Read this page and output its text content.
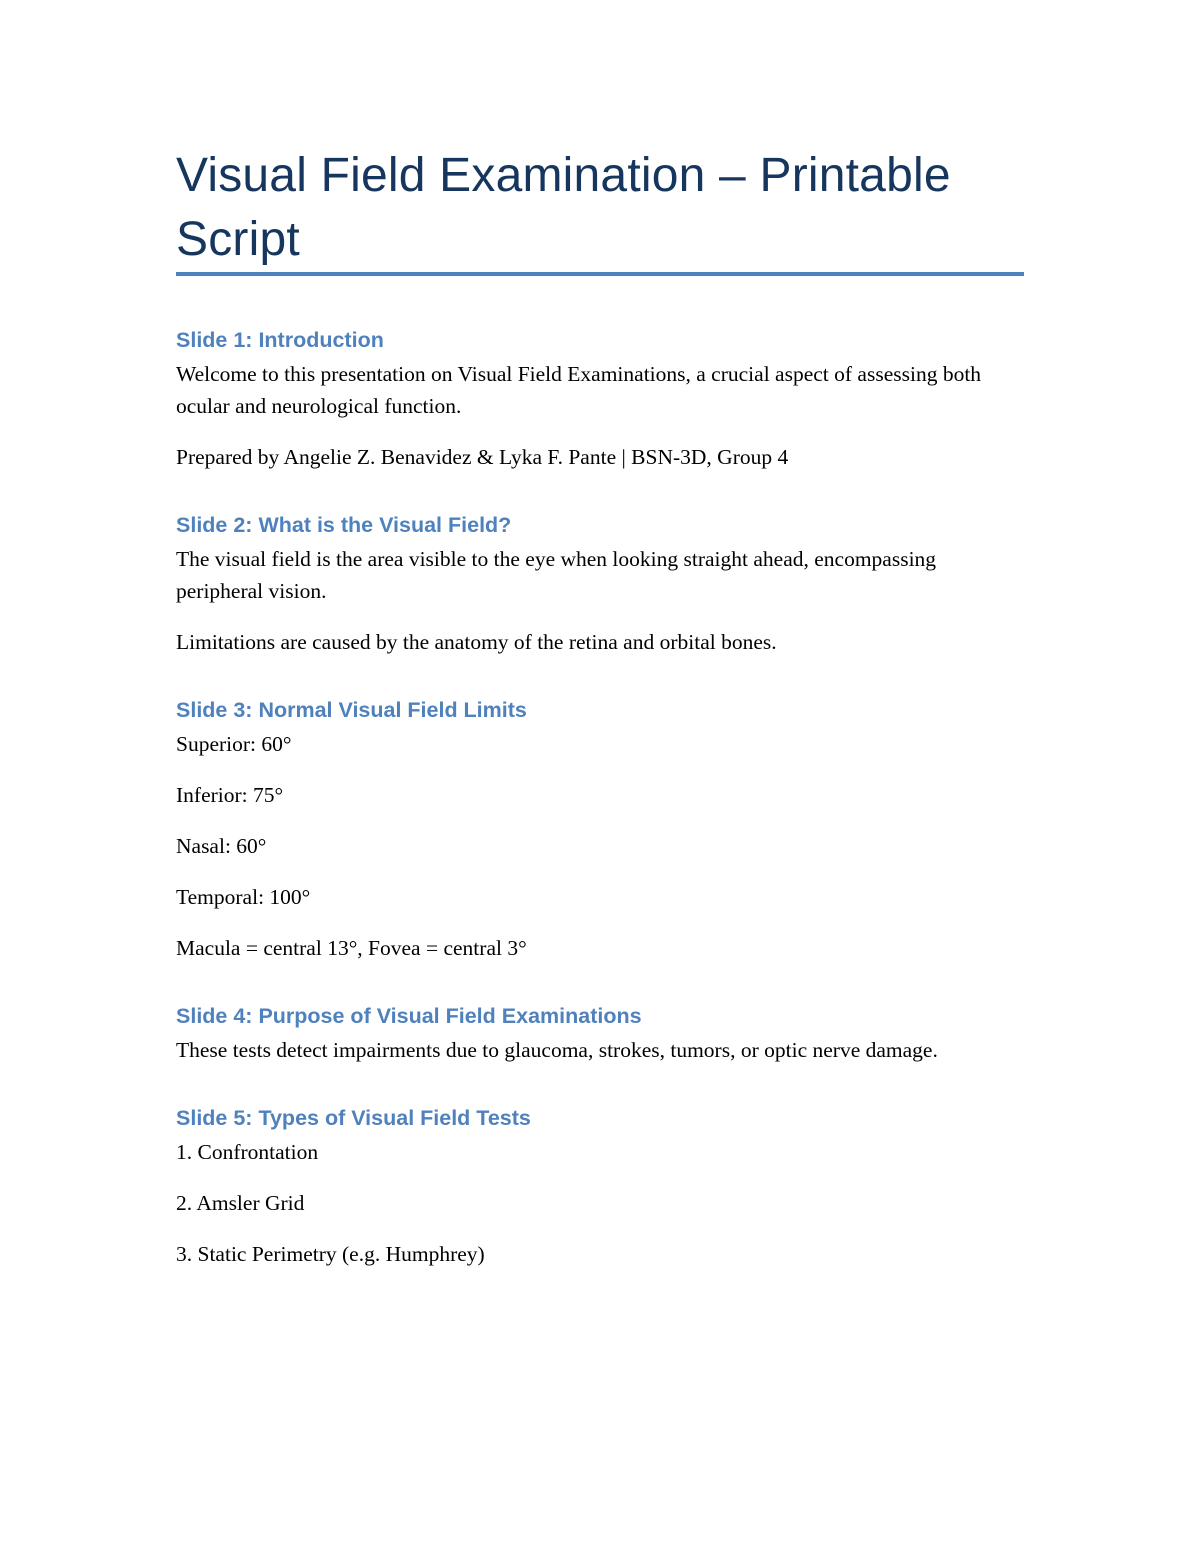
Visual Field Examination – Printable Script
Slide 1: Introduction

Welcome to this presentation on Visual Field Examinations, a crucial aspect of assessing both ocular and neurological function.

Prepared by Angelie Z. Benavidez & Lyka F. Pante | BSN-3D, Group 4

Slide 2: What is the Visual Field?

The visual field is the area visible to the eye when looking straight ahead, encompassing peripheral vision.

Limitations are caused by the anatomy of the retina and orbital bones.

Slide 3: Normal Visual Field Limits

Superior: 60°

Inferior: 75°

Nasal: 60°

Temporal: 100°

Macula = central 13°, Fovea = central 3°

Slide 4: Purpose of Visual Field Examinations

These tests detect impairments due to glaucoma, strokes, tumors, or optic nerve damage.

Slide 5: Types of Visual Field Tests

1. Confrontation

2. Amsler Grid

3. Static Perimetry (e.g. Humphrey)
